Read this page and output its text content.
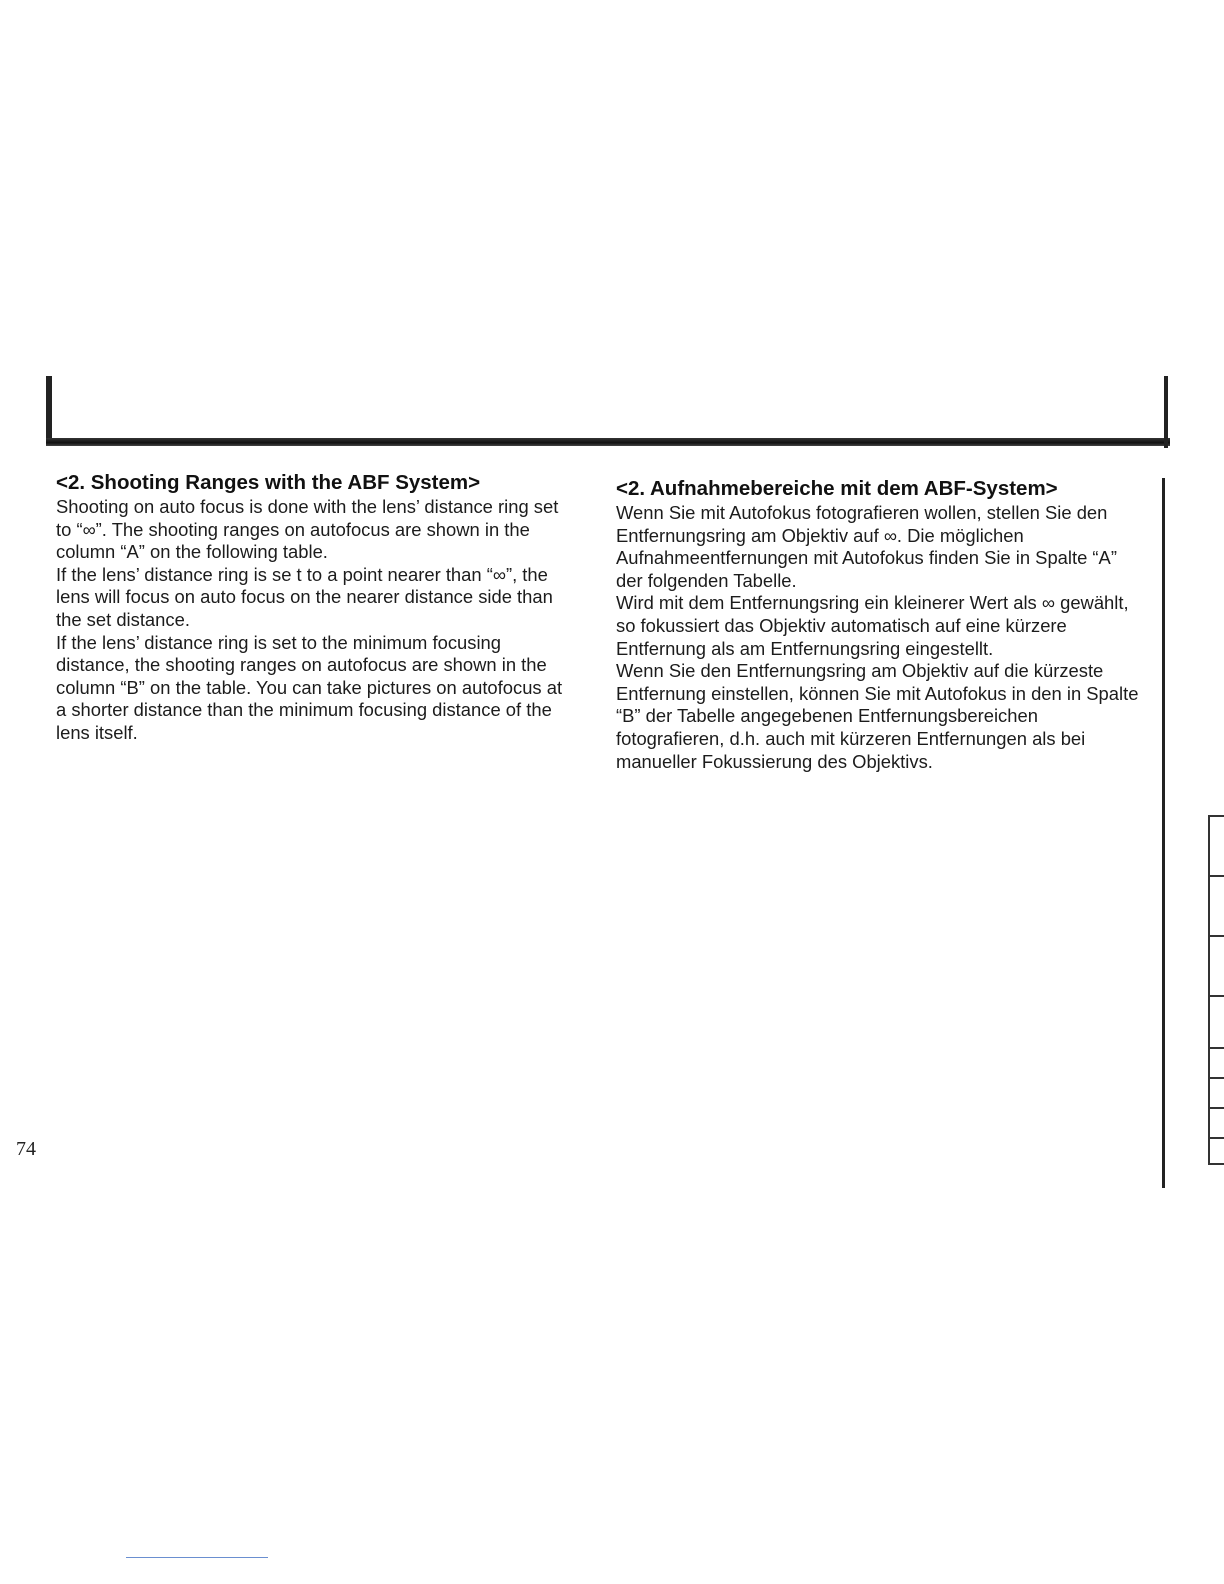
<2. Shooting Ranges with the ABF System>

Shooting on auto focus is done with the lens’ distance ring set to “∞”. The shooting ranges on autofocus are shown in the column “A” on the following table.

If the lens’ distance ring is se t to a point nearer than “∞”, the lens will focus on auto focus on the nearer distance side than the set distance.

If the lens’ distance ring is set to the minimum focusing distance, the shooting ranges on autofocus are shown in the column “B” on the table. You can take pictures on autofocus at a shorter distance than the minimum focusing distance of the lens itself.

<2. Aufnahmebereiche mit dem ABF-System>

Wenn Sie mit Autofokus fotografieren wollen, stellen Sie den Entfernungsring am Objektiv auf ∞. Die möglichen Aufnahmeentfernungen mit Autofokus finden Sie in Spalte “A” der folgenden Tabelle.

Wird mit dem Entfernungsring ein kleinerer Wert als ∞ gewählt, so fokussiert das Objektiv automatisch auf eine kürzere Entfernung als am Entfernungsring eingestellt.

Wenn Sie den Entfernungsring am Objektiv auf die kürzeste Entfernung einstellen, können Sie mit Autofokus in den in Spalte “B” der Tabelle angegebenen Entfernungsbereichen fotografieren, d.h. auch mit kürzeren Entfernungen als bei manueller Fokussierung des Objektivs.

74
